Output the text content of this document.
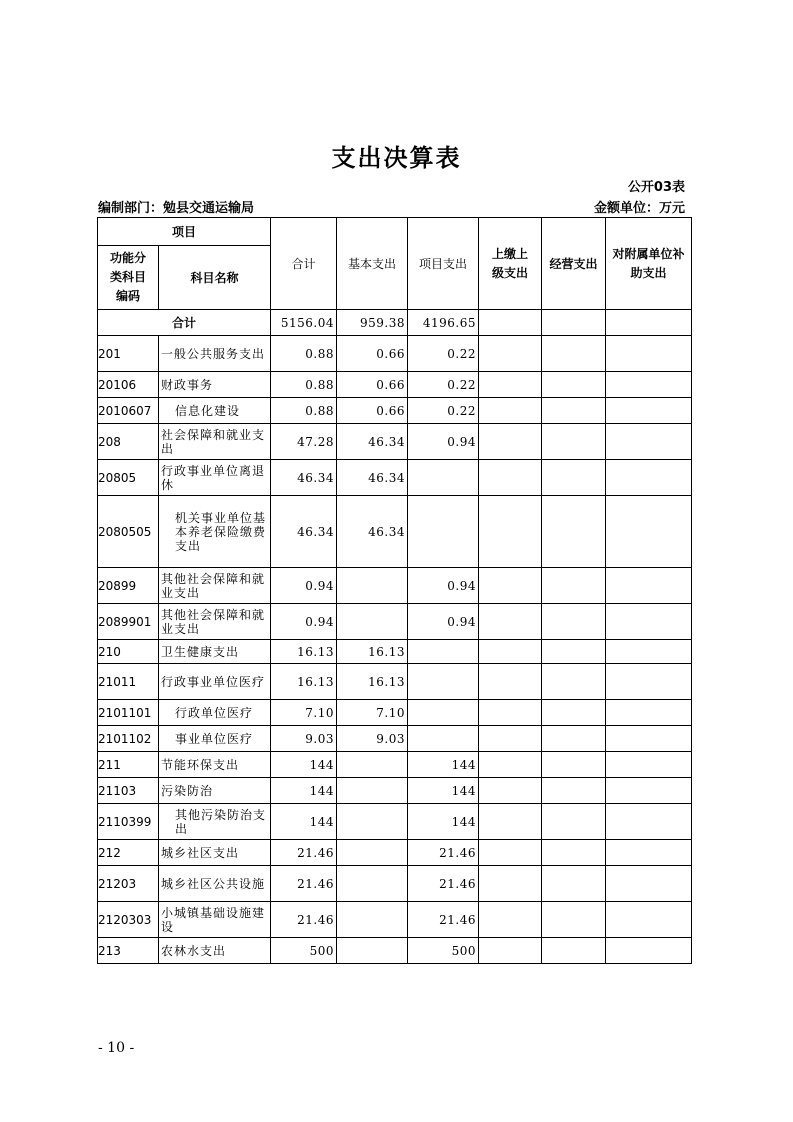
支出决算表
公开03表
编制部门：勉县交通运输局	金额单位：万元
项目		合计	基本支出	项目支出	上缴上级支出	经营支出	对附属单位补助支出

功能分类科目编码	科目名称						
合计		5156.04	959.38	4196.65			
201	一般公共服务支出	0.88	0.66	0.22			
20106	财政事务	0.88	0.66	0.22			
2010607	信息化建设	0.88	0.66	0.22			
208	社会保障和就业支出	47.28	46.34	0.94			
20805	行政事业单位离退休	46.34	46.34				
2080505	机关事业单位基本养老保险缴费支出	46.34	46.34				
20899	其他社会保障和就业支出	0.94		0.94			
2089901	其他社会保障和就业支出	0.94		0.94			
210	卫生健康支出	16.13	16.13				
21011	行政事业单位医疗	16.13	16.13				
2101101	行政单位医疗	7.10	7.10				
2101102	事业单位医疗	9.03	9.03				
211	节能环保支出	144		144			
21103	污染防治	144		144			
2110399	其他污染防治支出	144		144			
212	城乡社区支出	21.46		21.46			
21203	城乡社区公共设施	21.46		21.46			
2120303	小城镇基础设施建设	21.46		21.46			
213	农林水支出	500		500			
- 10 -
